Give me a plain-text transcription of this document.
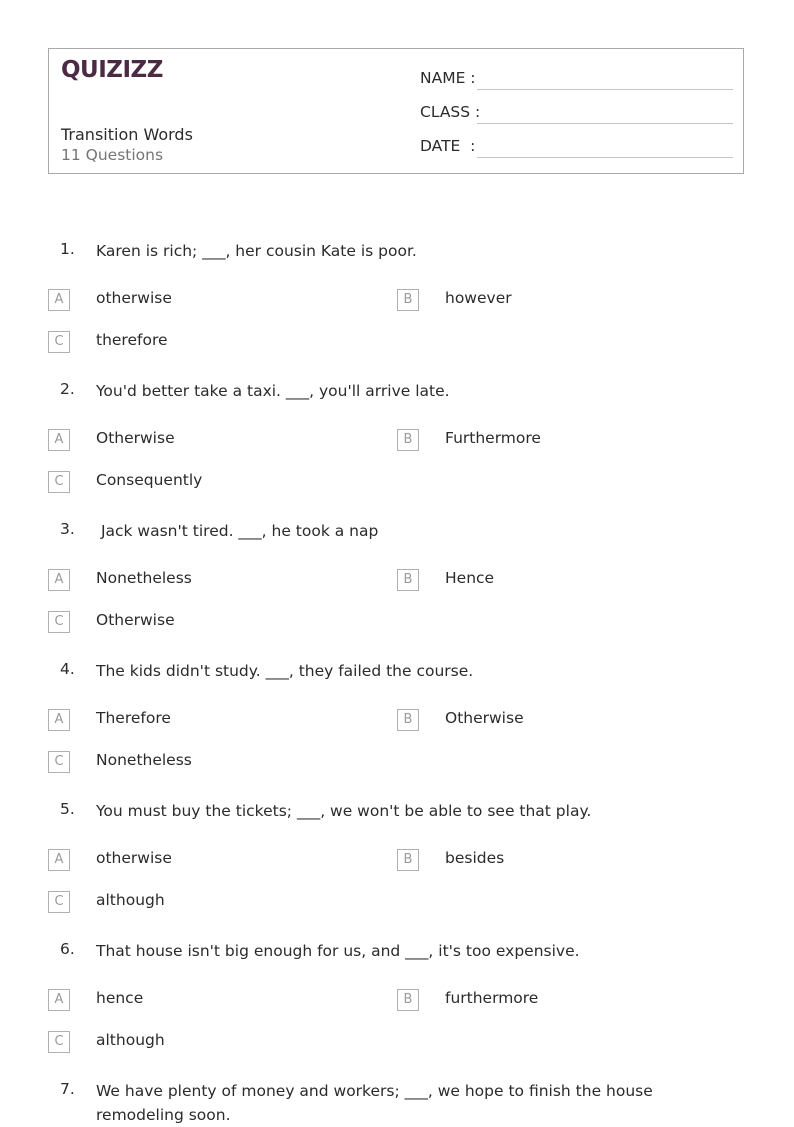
QUIZIZZ
Transition Words
11 Questions
NAME :
CLASS :
DATE  :
1. Karen is rich; ___, her cousin Kate is poor.
A	otherwise	B	however
C	therefore
2. You'd better take a taxi. ___, you'll arrive late.
A	Otherwise	B	Furthermore
C	Consequently
3. Jack wasn't tired. ___, he took a nap
A	Nonetheless	B	Hence
C	Otherwise
4. The kids didn't study. ___, they failed the course.
A	Therefore	B	Otherwise
C	Nonetheless
5. You must buy the tickets; ___, we won't be able to see that play.
A	otherwise	B	besides
C	although
6. That house isn't big enough for us, and ___, it's too expensive.
A	hence	B	furthermore
C	although
7. We have plenty of money and workers; ___, we hope to finish the house remodeling soon.
